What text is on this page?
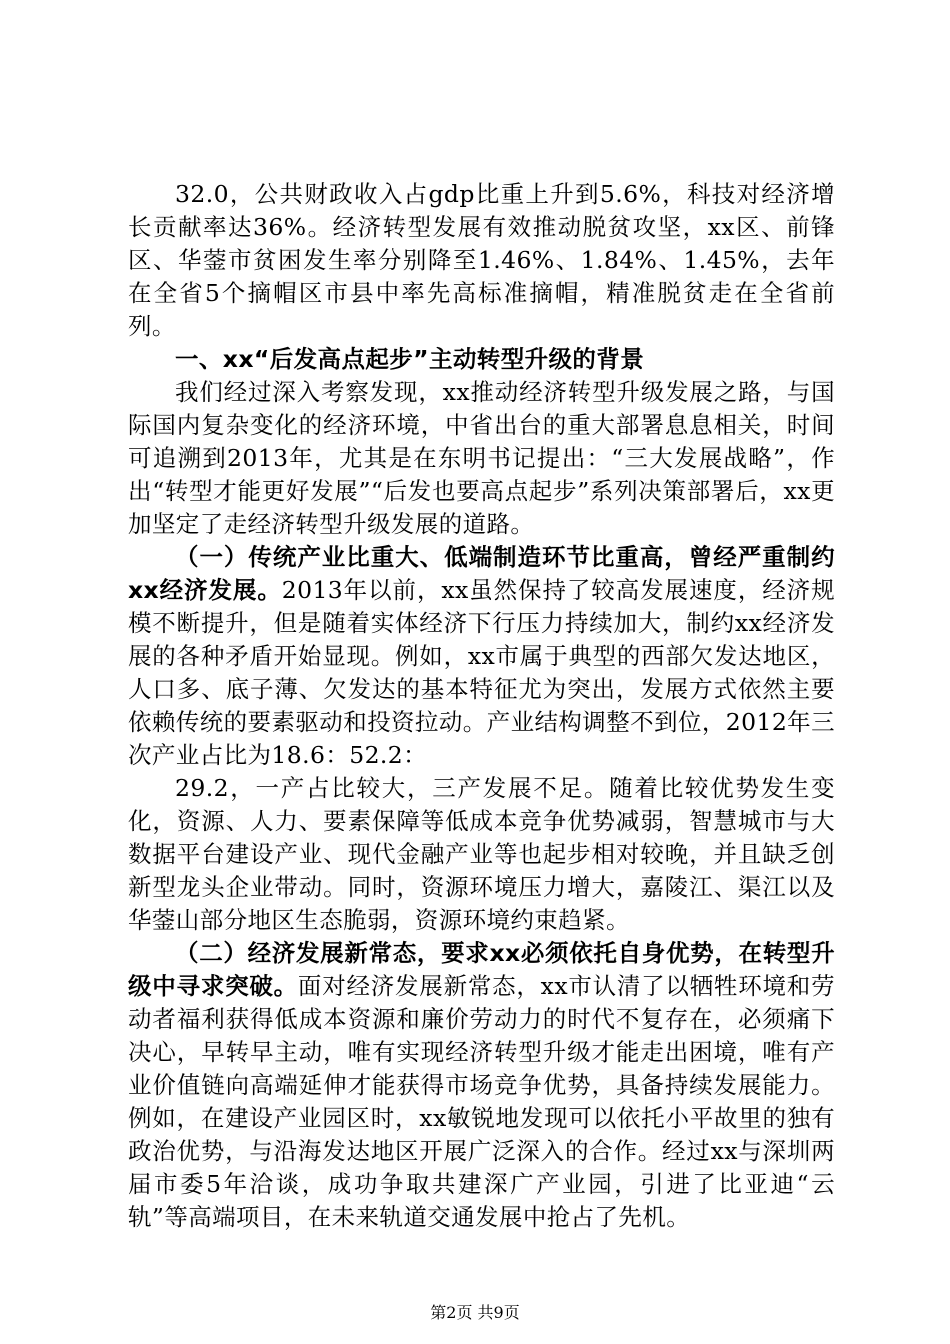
32.0，公共财政收入占gdp比重上升到5.6%，科技对经济增长贡献率达36%。经济转型发展有效推动脱贫攻坚，xx区、前锋区、华蓥市贫困发生率分别降至1.46%、1.84%、1.45%，去年在全省5个摘帽区市县中率先高标准摘帽，精准脱贫走在全省前列。

一、xx“后发高点起步”主动转型升级的背景

我们经过深入考察发现，xx推动经济转型升级发展之路，与国际国内复杂变化的经济环境，中省出台的重大部署息息相关，时间可追溯到2013年，尤其是在东明书记提出：“三大发展战略”，作出“转型才能更好发展”“后发也要高点起步”系列决策部署后，xx更加坚定了走经济转型升级发展的道路。

（一）传统产业比重大、低端制造环节比重高，曾经严重制约xx经济发展。2013年以前，xx虽然保持了较高发展速度，经济规模不断提升，但是随着实体经济下行压力持续加大，制约xx经济发展的各种矛盾开始显现。例如，xx市属于典型的西部欠发达地区，人口多、底子薄、欠发达的基本特征尤为突出，发展方式依然主要依赖传统的要素驱动和投资拉动。产业结构调整不到位，2012年三次产业占比为18.6：52.2：

29.2，一产占比较大，三产发展不足。随着比较优势发生变化，资源、人力、要素保障等低成本竞争优势减弱，智慧城市与大数据平台建设产业、现代金融产业等也起步相对较晚，并且缺乏创新型龙头企业带动。同时，资源环境压力增大，嘉陵江、渠江以及华蓥山部分地区生态脆弱，资源环境约束趋紧。

（二）经济发展新常态，要求xx必须依托自身优势，在转型升级中寻求突破。面对经济发展新常态，xx市认清了以牺牲环境和劳动者福利获得低成本资源和廉价劳动力的时代不复存在，必须痛下决心，早转早主动，唯有实现经济转型升级才能走出困境，唯有产业价值链向高端延伸才能获得市场竞争优势，具备持续发展能力。例如，在建设产业园区时，xx敏锐地发现可以依托小平故里的独有政治优势，与沿海发达地区开展广泛深入的合作。经过xx与深圳两届市委5年洽谈，成功争取共建深广产业园，引进了比亚迪“云轨”等高端项目，在未来轨道交通发展中抢占了先机。

第2页 共9页
